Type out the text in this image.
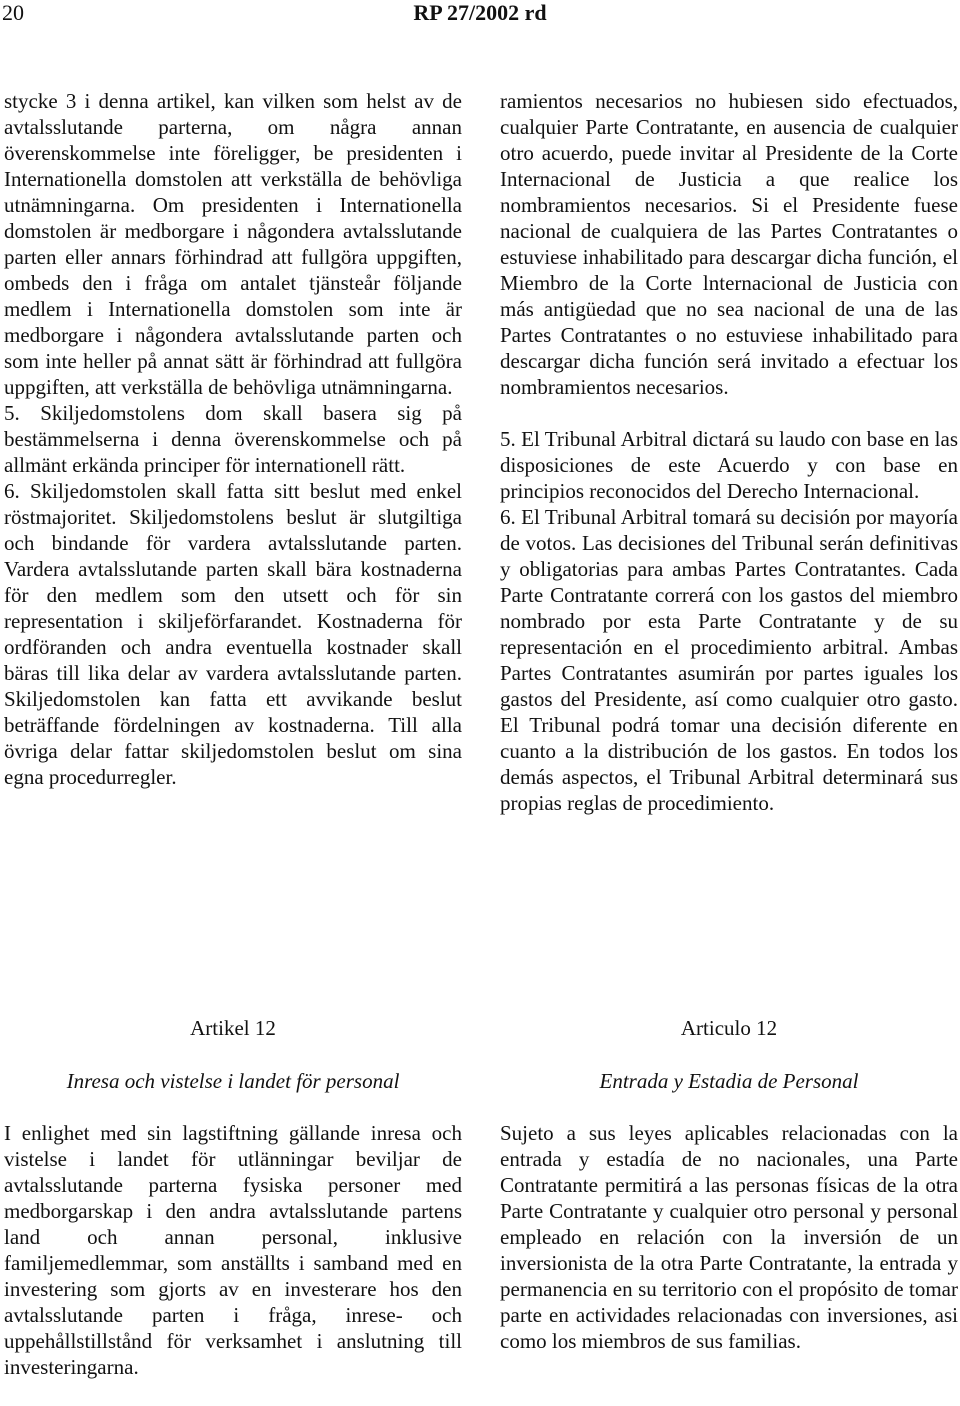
20	RP 27/2002 rd

stycke 3 i denna artikel, kan vilken som helst av de avtalsslutande parterna, om några annan överenskommelse inte föreligger, be presidenten i Internationella domstolen att verkställa de behövliga utnämningarna. Om presidenten i Internationella domstolen är medborgare i någondera avtalsslutande parten eller annars förhindrad att fullgöra uppgiften, ombeds den i fråga om antalet tjänsteår följande medlem i Internationella domstolen som inte är medborgare i någondera avtalsslutande parten och som inte heller på annat sätt är förhindrad att fullgöra uppgiften, att verkställa de behövliga utnämningarna.

5. Skiljedomstolens dom skall basera sig på bestämmelserna i denna överenskommelse och på allmänt erkända principer för internationell rätt.

6. Skiljedomstolen skall fatta sitt beslut med enkel röstmajoritet. Skiljedomstolens beslut är slutgiltiga och bindande för vardera avtalsslutande parten. Vardera avtalsslutande parten skall bära kostnaderna för den medlem som den utsett och för sin representation i skiljeförfarandet. Kostnaderna för ordföranden och andra eventuella kostnader skall bäras till lika delar av vardera avtalsslutande parten. Skiljedomstolen kan fatta ett avvikande beslut beträffande fördelningen av kostnaderna. Till alla övriga delar fattar skiljedomstolen beslut om sina egna procedurregler.

ramientos necesarios no hubiesen sido efectuados, cualquier Parte Contratante, en ausencia de cualquier otro acuerdo, puede invitar al Presidente de la Corte Internacional de Justicia a que realice los nombramientos necesarios. Si el Presidente fuese nacional de cualquiera de las Partes Contratantes o estuviese inhabilitado para descargar dicha función, el Miembro de la Corte lnternacional de Justicia con más antigüedad que no sea nacional de una de las Partes Contratantes o no estuviese inhabilitado para descargar dicha función será invitado a efectuar los nombramientos necesarios.

5. El Tribunal Arbitral dictará su laudo con base en las disposiciones de este Acuerdo y con base en principios reconocidos del Derecho Internacional.

6. El Tribunal Arbitral tomará su decisión por mayoría de votos. Las decisiones del Tribunal serán definitivas y obligatorias para ambas Partes Contratantes. Cada Parte Contratante correrá con los gastos del miembro nombrado por esta Parte Contratante y de su representación en el procedimiento arbitral. Ambas Partes Contratantes asumirán por partes iguales los gastos del Presidente, así como cualquier otro gasto. El Tribunal podrá tomar una decisión diferente en cuanto a la distribución de los gastos. En todos los demás aspectos, el Tribunal Arbitral determinará sus propias reglas de procedimiento.

Artikel 12
Inresa och vistelse i landet för personal

I enlighet med sin lagstiftning gällande inresa och vistelse i landet för utlänningar beviljar de avtalsslutande parterna fysiska personer med medborgarskap i den andra avtalsslutande partens land och annan personal, inklusive familjemedlemmar, som anställts i samband med en investering som gjorts av en investerare hos den avtalsslutande parten i fråga, inrese- och uppehållstillstånd för verksamhet i anslutning till investeringarna.

Articulo 12
Entrada y Estadia de Personal

Sujeto a sus leyes aplicables relacionadas con la entrada y estadía de no nacionales, una Parte Contratante permitirá a las personas físicas de la otra Parte Contratante y cualquier otro personal y personal empleado en relación con la inversión de un inversionista de la otra Parte Contratante, la entrada y permanencia en su territorio con el propósito de tomar parte en actividades relacionadas con inversiones, asi como los miembros de sus familias.
